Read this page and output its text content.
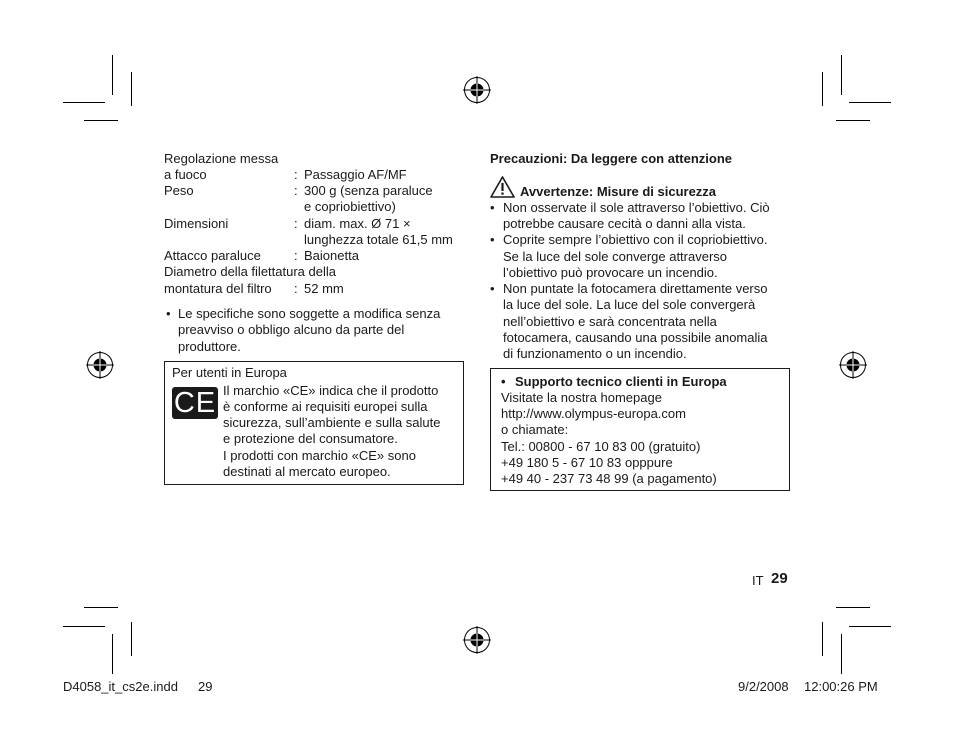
Regolazione messa
a fuoco	: Passaggio AF/MF
Peso	: 300 g (senza paraluce
e copriobiettivo)
Dimensioni	: diam. max. Ø 71 ×
lunghezza totale 61,5 mm
Attacco paraluce	: Baionetta
Diametro della filettatura della
montatura del filtro : 52 mm
• Le specifiche sono soggette a modifica senza
preavviso o obbligo alcuno da parte del
produttore.
Per utenti in Europa
CE Il marchio «CE» indica che il prodotto
è conforme ai requisiti europei sulla
sicurezza, sull’ambiente e sulla salute
e protezione del consumatore.
I prodotti con marchio «CE» sono
destinati al mercato europeo.
Precauzioni: Da leggere con attenzione
Avvertenze: Misure di sicurezza
• Non osservate il sole attraverso l’obiettivo. Ciò
potrebbe causare cecità o danni alla vista.
• Coprite sempre l’obiettivo con il copriobiettivo.
Se la luce del sole converge attraverso
l’obiettivo può provocare un incendio.
• Non puntate la fotocamera direttamente verso
la luce del sole. La luce del sole convergerà
nell’obiettivo e sarà concentrata nella
fotocamera, causando una possibile anomalia
di funzionamento o un incendio.
• Supporto tecnico clienti in Europa
Visitate la nostra homepage
http://www.olympus-europa.com
o chiamate:
Tel.: 00800 - 67 10 83 00 (gratuito)
+49 180 5 - 67 10 83 opppure
+49 40 - 237 73 48 99 (a pagamento)
IT 29
D4058_it_cs2e.indd 29	9/2/2008 12:00:26 PM
